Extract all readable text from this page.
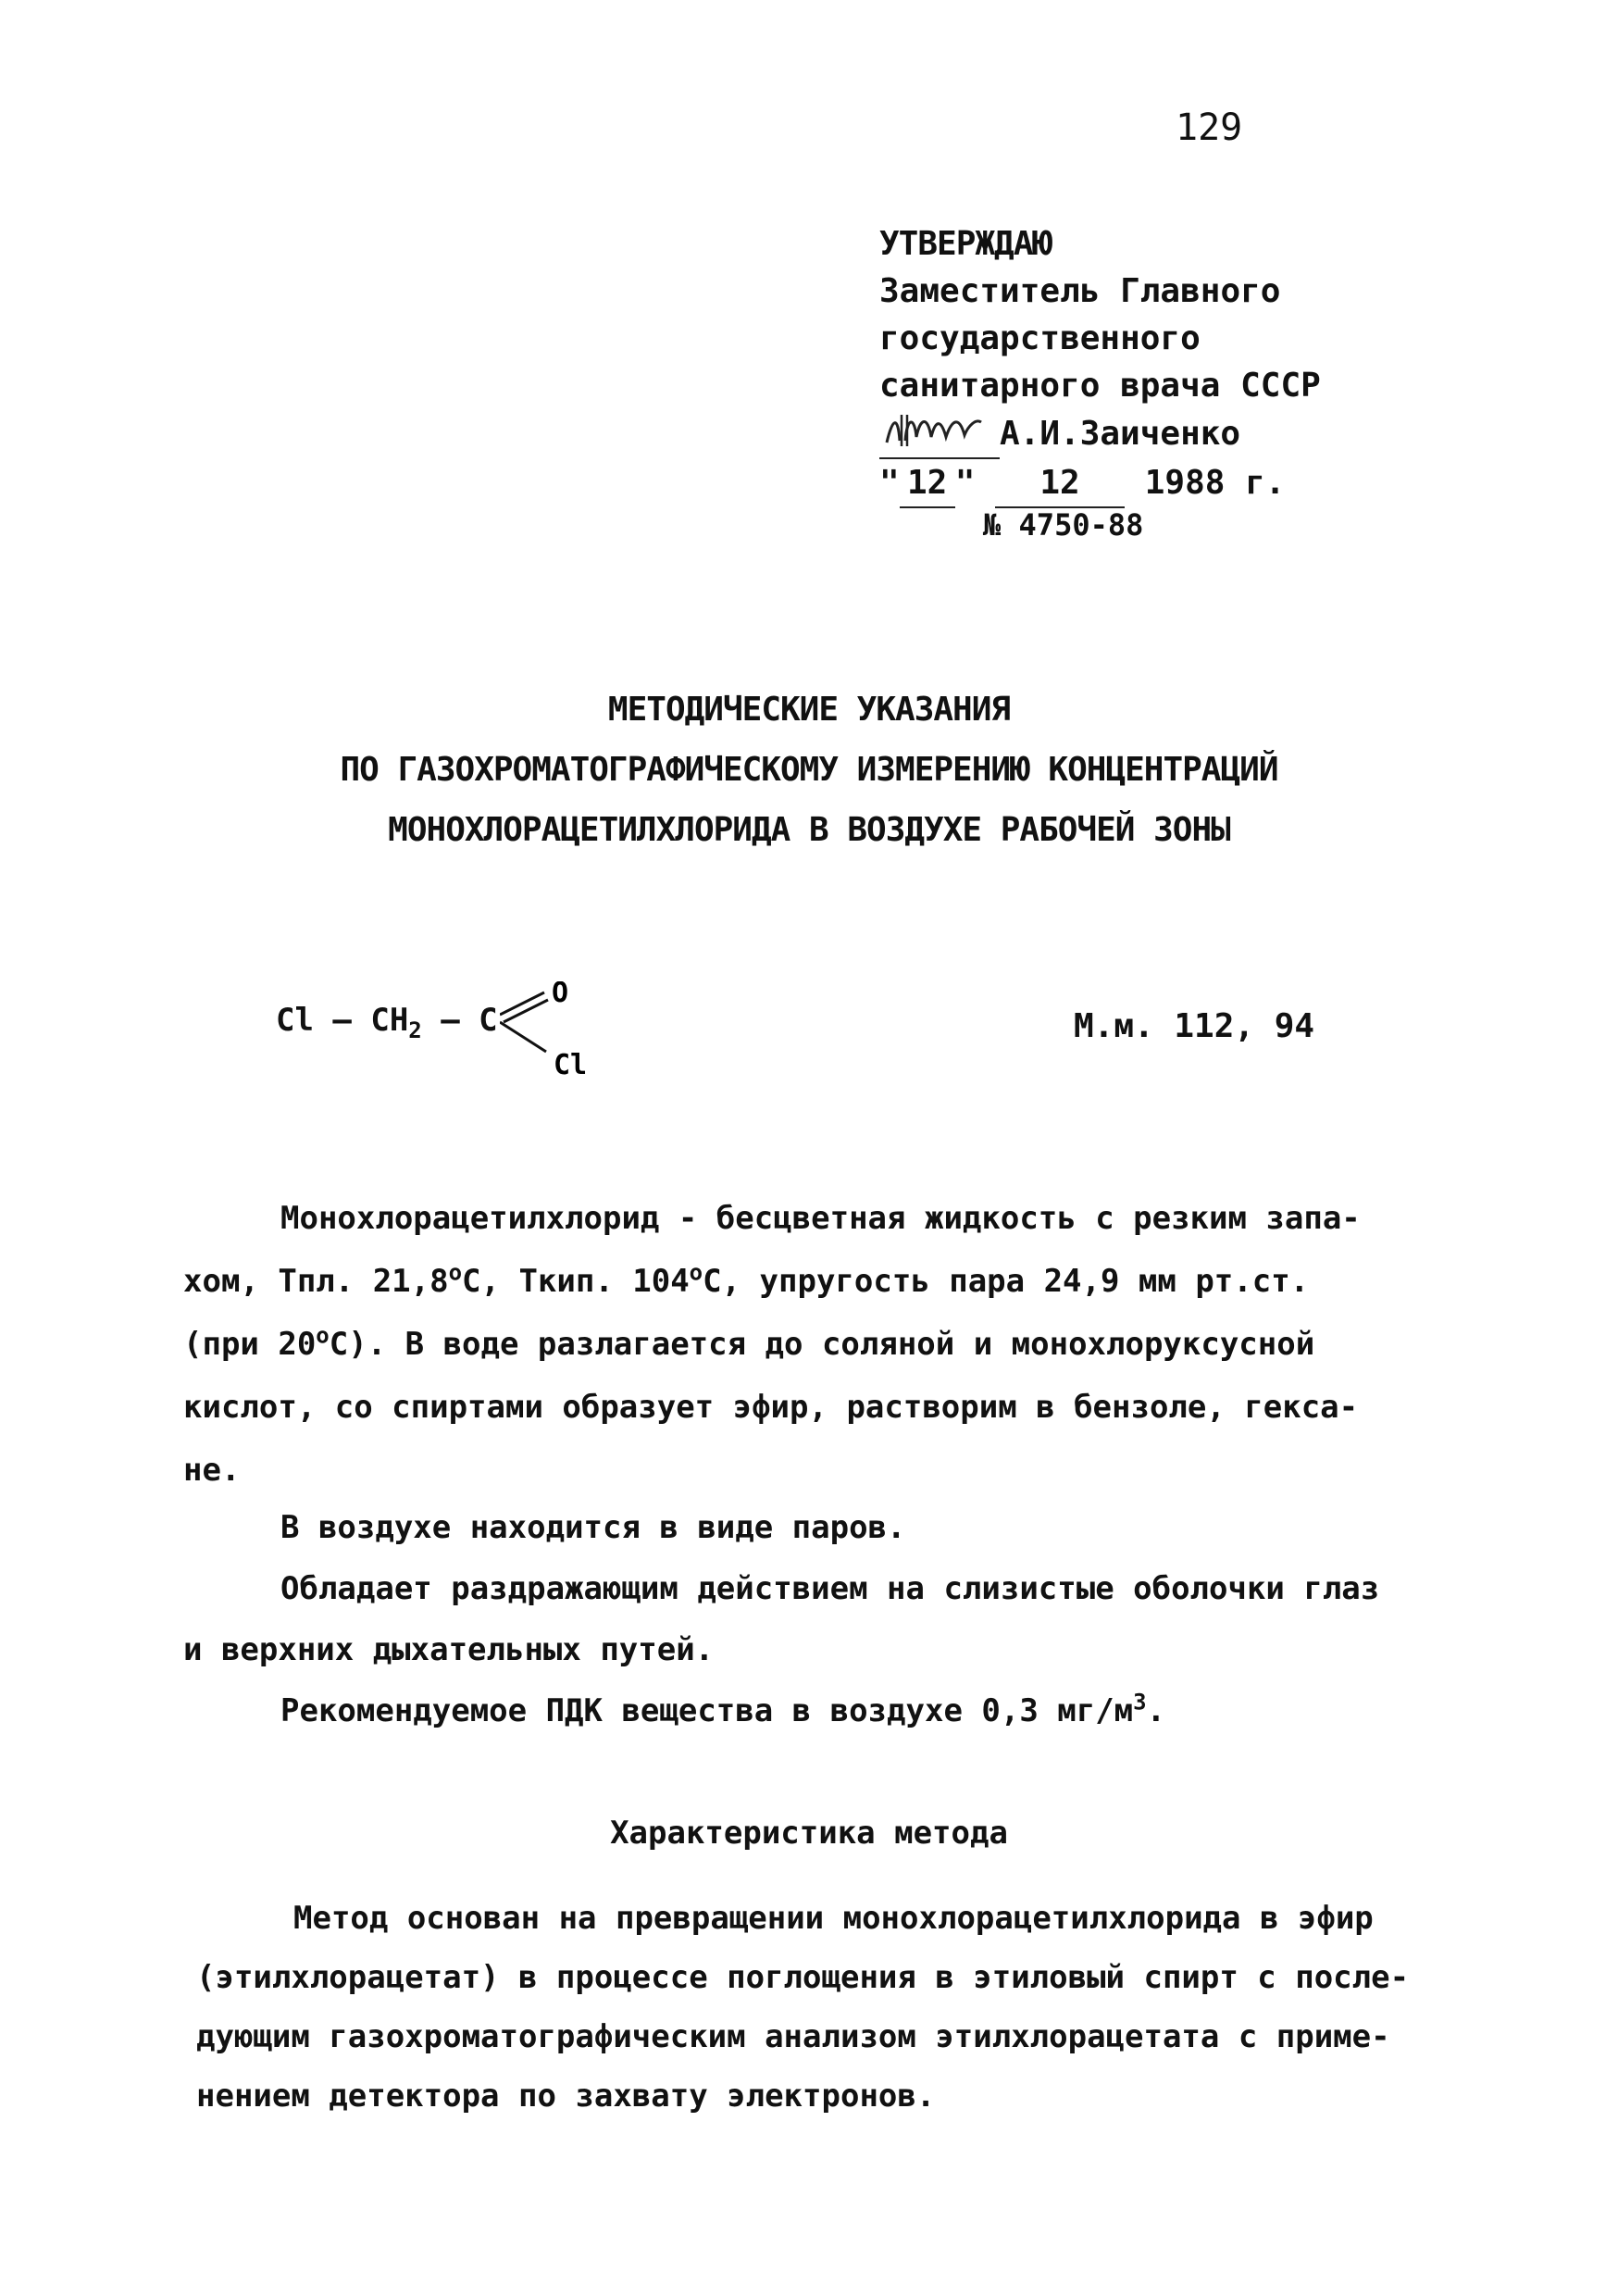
129
УТВЕРЖДАЮ
Заместитель Главного
государственного
санитарного врача СССР
А.И.Заиченко
" 12 " 12 1988 г.
№ 4750-88
МЕТОДИЧЕСКИЕ УКАЗАНИЯ
ПО ГАЗОХРОМАТОГРАФИЧЕСКОМУ ИЗМЕРЕНИЮ КОНЦЕНТРАЦИЙ
МОНОХЛОРАЦЕТИЛХЛОРИДА В ВОЗДУХЕ РАБОЧЕЙ ЗОНЫ
Cl – $CH_2$ – C
O
Cl
М.м. 112, 94
Монохлорацетилхлорид - бесцветная жидкость с резким запа-
хом, Тпл. 21,8$^o$С, Ткип. 104$^o$С, упругость пара 24,9 мм рт.ст.
(при 20$^o$С). В воде разлагается до соляной и монохлоруксусной
кислот, со спиртами образует эфир, растворим в бензоле, гекса-
не.
В воздухе находится в виде паров.
Обладает раздражающим действием на слизистые оболочки глаз
и верхних дыхательных путей.
Рекомендуемое ПДК вещества в воздухе 0,3 $мг/м^3$.
Характеристика метода
Метод основан на превращении монохлорацетилхлорида в эфир
(этилхлорацетат) в процессе поглощения в этиловый спирт с после-
дующим газохроматографическим анализом этилхлорацетата с приме-
нением детектора по захвату электронов.
